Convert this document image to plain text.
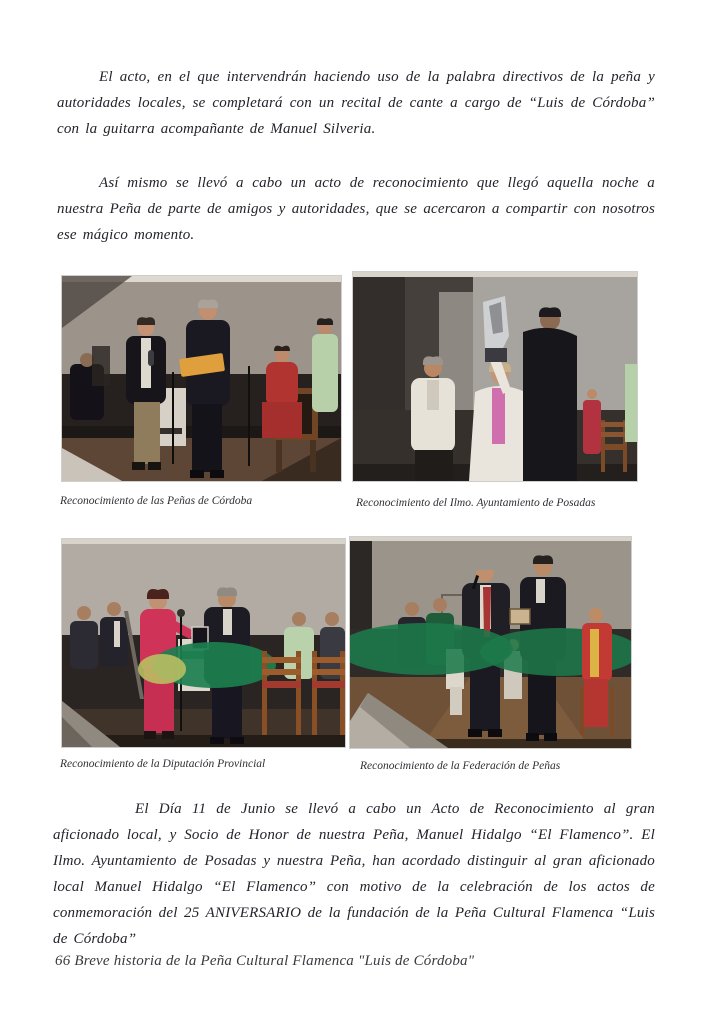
El acto, en el que intervendrán haciendo uso de la palabra directivos de la peña y autoridades locales, se completará con un recital de cante a cargo de “Luis de Córdoba” con la guitarra acompañante de Manuel Silveria.

Así mismo se llevó a cabo un acto de reconocimiento que llegó aquella noche a nuestra Peña de parte de amigos y autoridades, que se acercaron a compartir con nosotros ese mágico momento.

Reconocimiento de las Peñas de Córdoba	Reconocimiento del Ilmo. Ayuntamiento de Posadas
Reconocimiento de la Diputación Provincial	Reconocimiento de la Federación de Peñas

El Día 11 de Junio se llevó a cabo un Acto de Reconocimiento al gran aficionado local, y Socio de Honor de nuestra Peña, Manuel Hidalgo “El Flamenco”. El Ilmo. Ayuntamiento de Posadas y nuestra Peña, han acordado distinguir al gran aficionado local Manuel Hidalgo “El Flamenco” con motivo de la celebración de los actos de conmemoración del 25 ANIVERSARIO de la fundación de la Peña Cultural Flamenca “Luis de Córdoba”

66 Breve historia de la Peña Cultural Flamenca "Luis de Córdoba"
